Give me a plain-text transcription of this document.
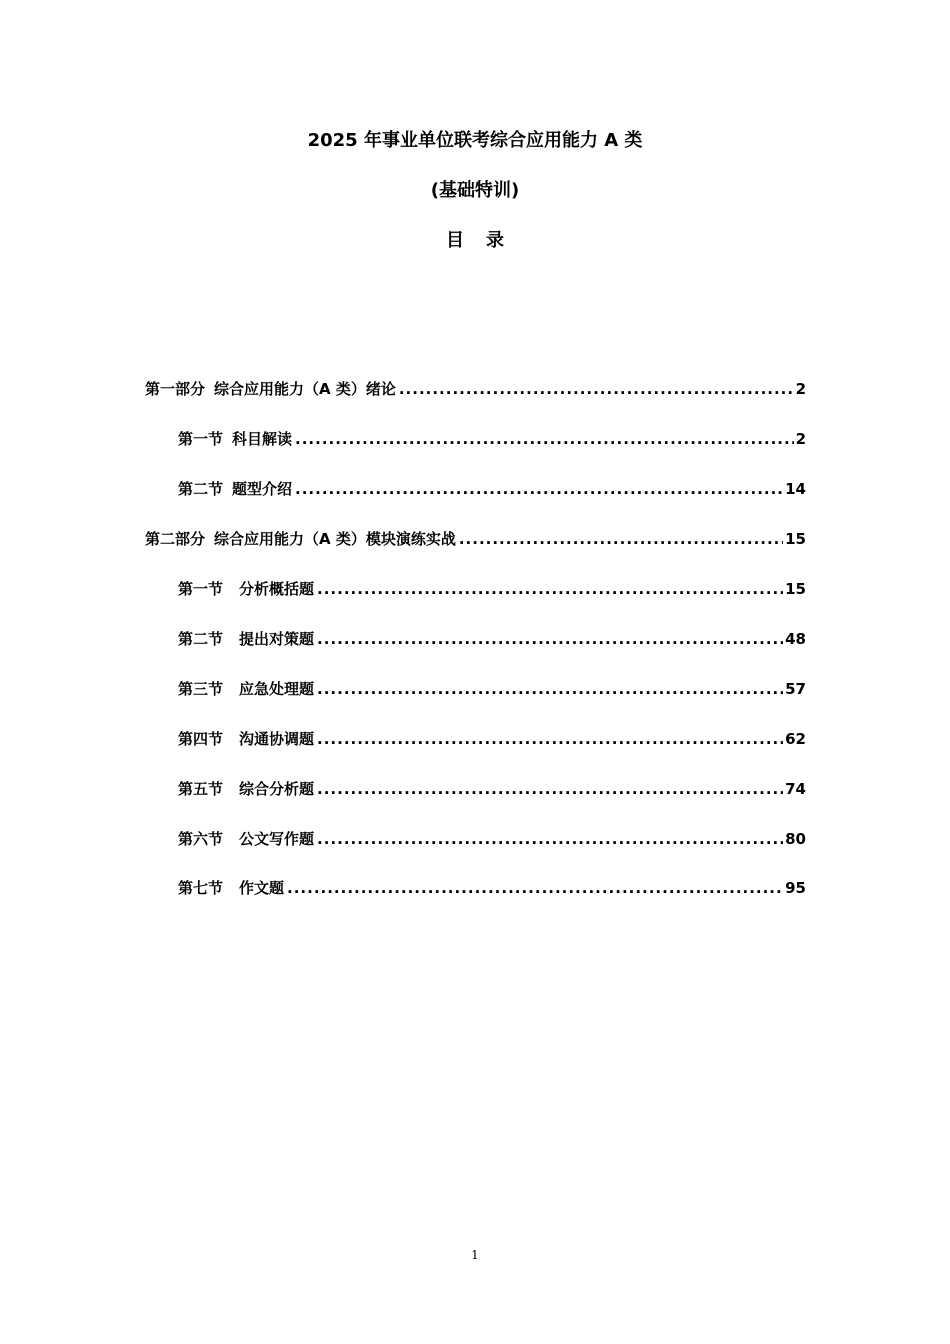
2025 年事业单位联考综合应用能力 A 类
(基础特训)
目 录
第一部分 综合应用能力（A 类）绪论 .....	2
第一节 科目解读 .....	2
第二节 题型介绍 .....	14
第二部分 综合应用能力（A 类）模块演练实战 .....	15
第一节 分析概括题 .....	15
第二节 提出对策题 .....	48
第三节 应急处理题 .....	57
第四节 沟通协调题 .....	62
第五节 综合分析题 .....	74
第六节 公文写作题 .....	80
第七节 作文题 .....	95
1
